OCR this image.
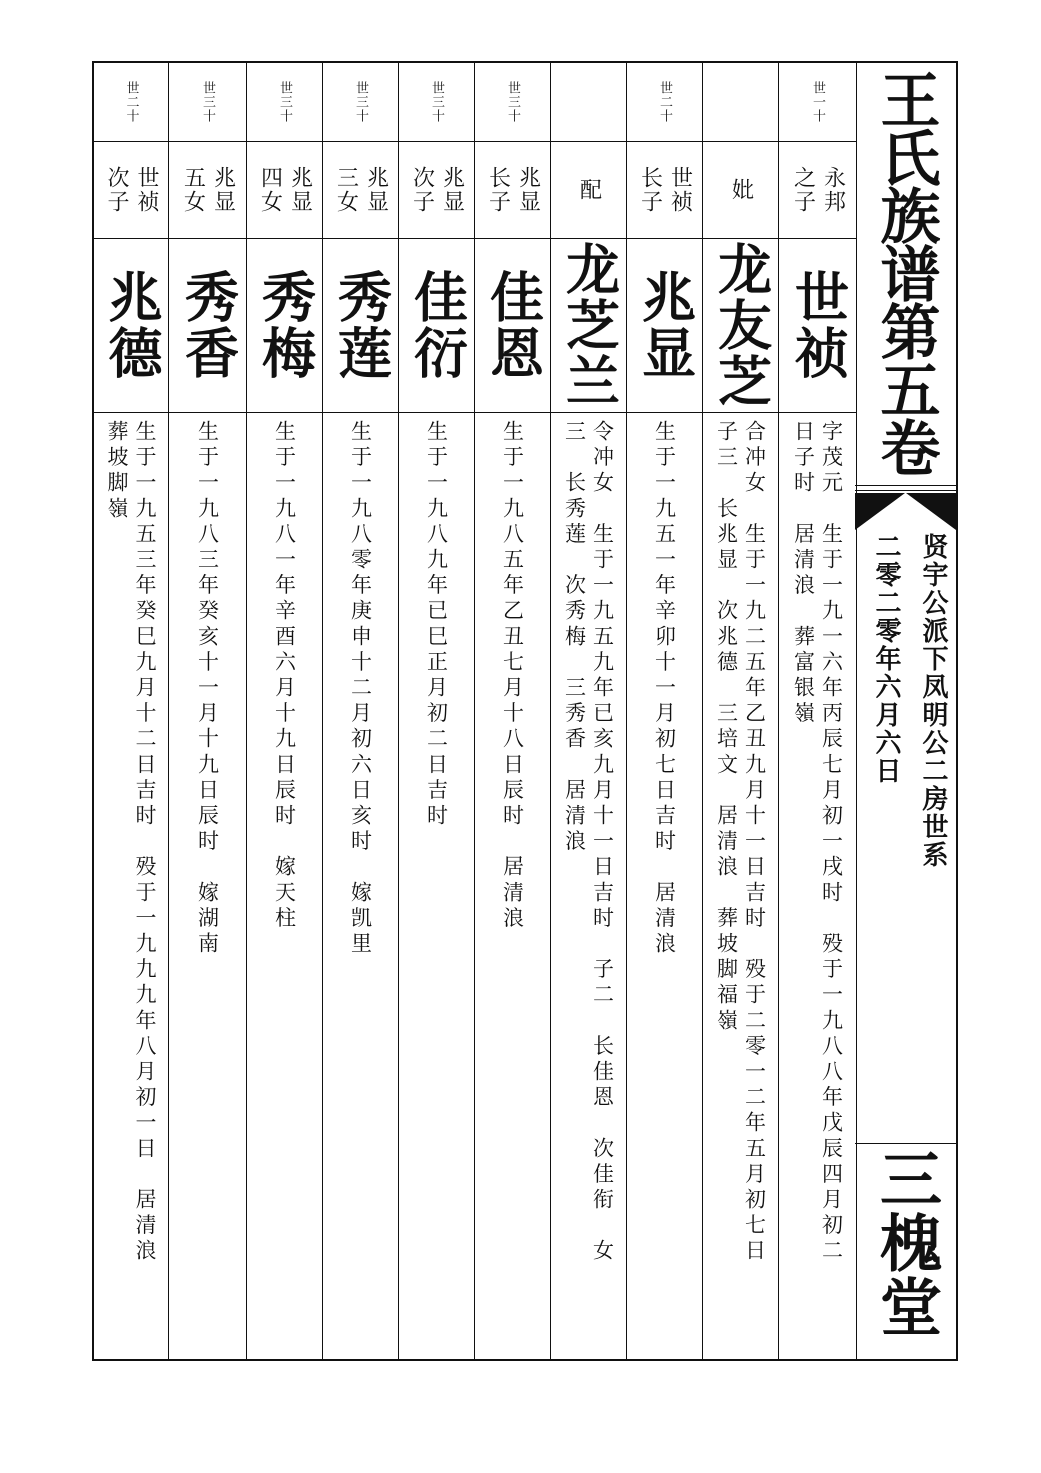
世一十
永邦
之子
世祯
字茂元　生于一九一六年丙辰七月初一戌时　殁于一九八八年戊辰四月初二
日子时　居清浪　葬富银嶺
妣
龙友芝
合冲女　生于一九二五年乙丑九月十一日吉时　殁于二零一二年五月初七日
子三　长兆显　次兆德　三培文　居清浪　葬坡脚福嶺
世二十
世祯
长子
兆显
生于一九五一年辛卯十一月初七日吉时　居清浪
配
龙芝兰
令冲女　生于一九五九年已亥九月十一日吉时　子二　长佳恩　次佳衔　女
三　长秀莲　次秀梅　三秀香　居清浪
世三十
兆显
长子
佳恩
生于一九八五年乙丑七月十八日辰时　居清浪
世三十
兆显
次子
佳衍
生于一九八九年已巳正月初二日吉时
世三十
兆显
三女
秀莲
生于一九八零年庚申十二月初六日亥时　嫁凯里
世三十
兆显
四女
秀梅
生于一九八一年辛酉六月十九日辰时　嫁天柱
世三十
兆显
五女
秀香
生于一九八三年癸亥十一月十九日辰时　嫁湖南
世二十
世祯
次子
兆德
生于一九五三年癸巳九月十二日吉时　殁于一九九九年八月初一日　居清浪
葬坡脚嶺	王氏族谱第五卷
贤宇公派下凤明公二房世系
二零二零年六月六日
三槐堂
